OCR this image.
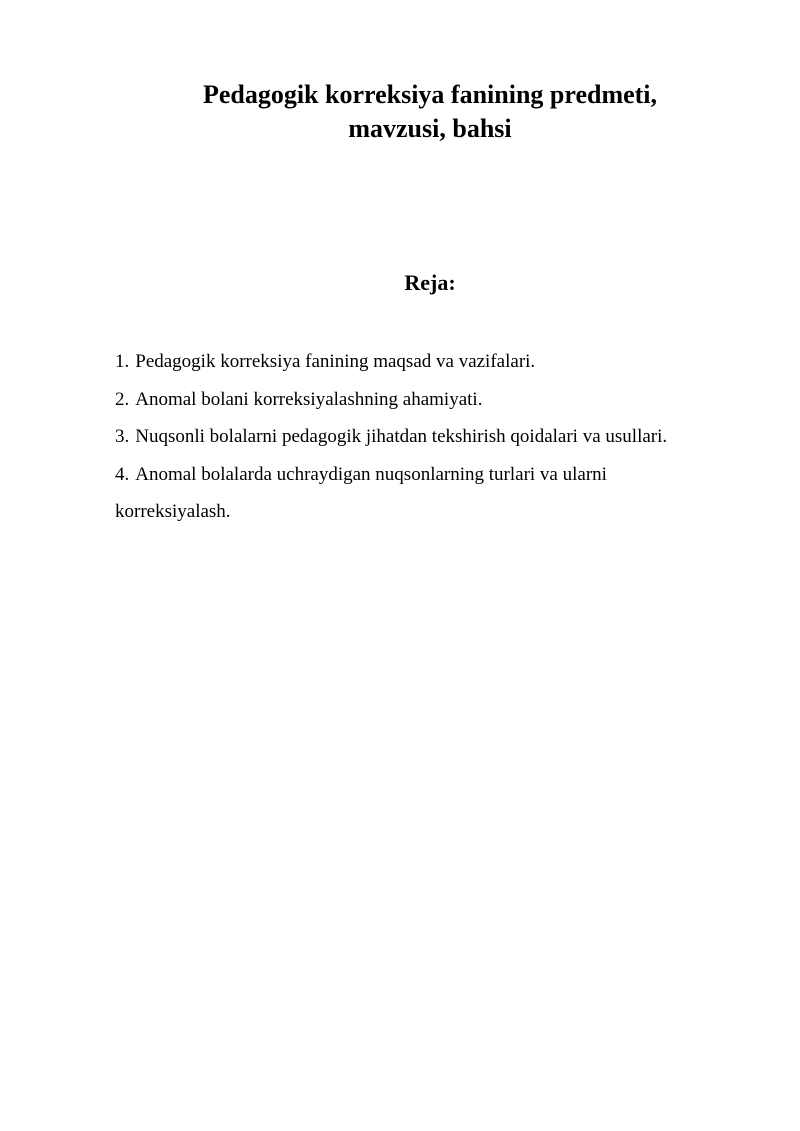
Pedagogik korreksiya fanining predmeti,
mavzusi, bahsi
Reja:
1. Pedagogik korreksiya fanining maqsad va vazifalari.
2. Anomal bolani korreksiyalashning ahamiyati.
3. Nuqsonli bolalarni pedagogik jihatdan tekshirish qoidalari va usullari.
4. Anomal bolalarda uchraydigan nuqsonlarning turlari va ularni
korreksiyalash.
